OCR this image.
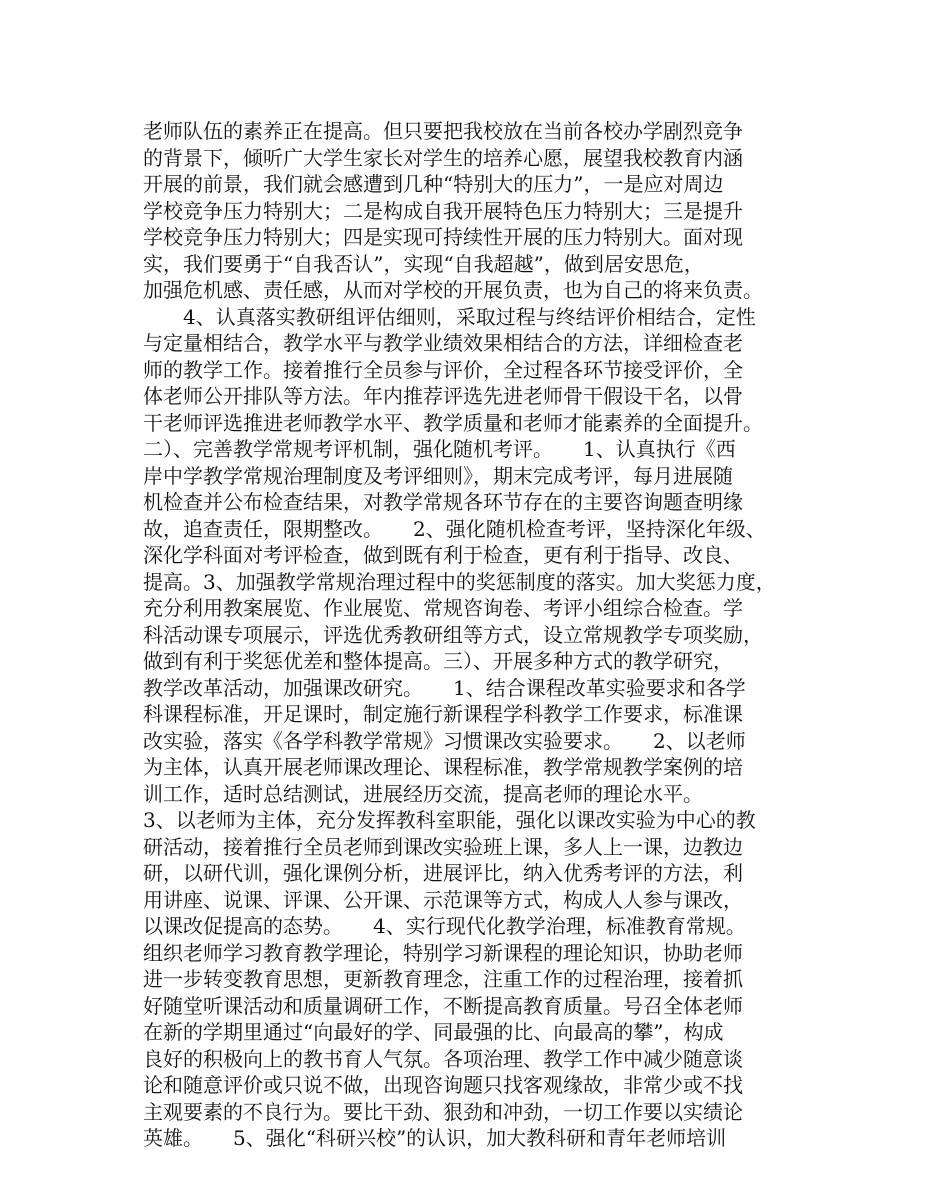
老师队伍的素养正在提高。但只要把我校放在当前各校办学剧烈竞争
的背景下，倾听广大学生家长对学生的培养心愿，展望我校教育内涵
开展的前景，我们就会感遭到几种“特别大的压力”，一是应对周边
学校竞争压力特别大；二是构成自我开展特色压力特别大；三是提升
学校竞争压力特别大；四是实现可持续性开展的压力特别大。面对现
实，我们要勇于“自我否认”，实现“自我超越”，做到居安思危，
加强危机感、责任感，从而对学校的开展负责，也为自己的将来负责。
　　4、认真落实教研组评估细则，采取过程与终结评价相结合，定性
与定量相结合，教学水平与教学业绩效果相结合的方法，详细检查老
师的教学工作。接着推行全员参与评价，全过程各环节接受评价，全
体老师公开排队等方法。年内推荐评选先进老师骨干假设干名，以骨
干老师评选推进老师教学水平、教学质量和老师才能素养的全面提升。
二）、完善教学常规考评机制，强化随机考评。　　1、认真执行《西
岸中学教学常规治理制度及考评细则》，期末完成考评，每月进展随
机检查并公布检查结果，对教学常规各环节存在的主要咨询题查明缘
故，追查责任，限期整改。　　2、强化随机检查考评，坚持深化年级、
深化学科面对考评检查，做到既有利于检查，更有利于指导、改良、
提高。3、加强教学常规治理过程中的奖惩制度的落实。加大奖惩力度，
充分利用教案展览、作业展览、常规咨询卷、考评小组综合检查。学
科活动课专项展示，评选优秀教研组等方式，设立常规教学专项奖励，
做到有利于奖惩优差和整体提高。三）、开展多种方式的教学研究，
教学改革活动，加强课改研究。　　1、结合课程改革实验要求和各学
科课程标准，开足课时，制定施行新课程学科教学工作要求，标准课
改实验，落实《各学科教学常规》习惯课改实验要求。　　2、以老师
为主体，认真开展老师课改理论、课程标准，教学常规教学案例的培
训工作，适时总结测试，进展经历交流，提高老师的理论水平。
3、以老师为主体，充分发挥教科室职能，强化以课改实验为中心的教
研活动，接着推行全员老师到课改实验班上课，多人上一课，边教边
研，以研代训，强化课例分析，进展评比，纳入优秀考评的方法，利
用讲座、说课、评课、公开课、示范课等方式，构成人人参与课改，
以课改促提高的态势。　　4、实行现代化教学治理，标准教育常规。
组织老师学习教育教学理论，特别学习新课程的理论知识，协助老师
进一步转变教育思想，更新教育理念，注重工作的过程治理，接着抓
好随堂听课活动和质量调研工作，不断提高教育质量。号召全体老师
在新的学期里通过“向最好的学、同最强的比、向最高的攀”，构成
良好的积极向上的教书育人气氛。各项治理、教学工作中减少随意谈
论和随意评价或只说不做，出现咨询题只找客观缘故，非常少或不找
主观要素的不良行为。要比干劲、狠劲和冲劲，一切工作要以实绩论
英雄。　　5、强化“科研兴校”的认识，加大教科研和青年老师培训
